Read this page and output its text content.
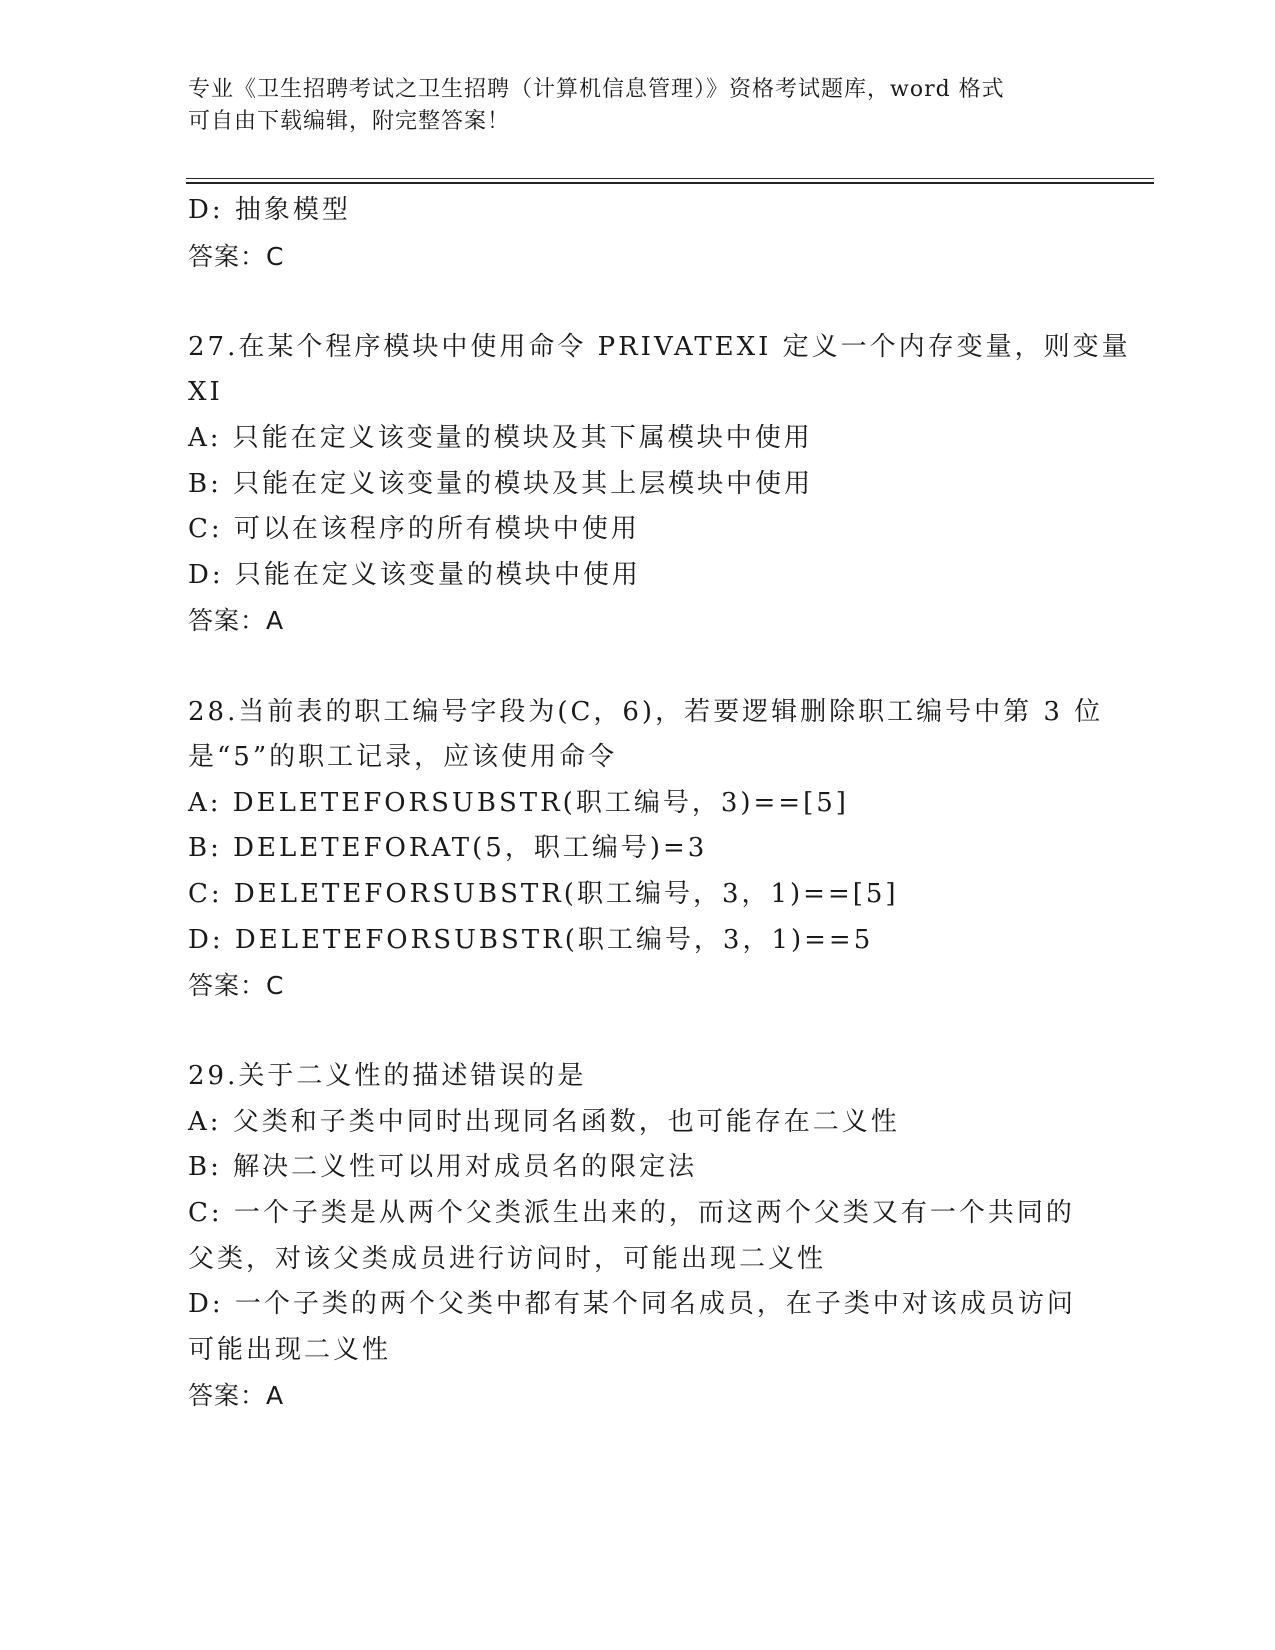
专业《卫生招聘考试之卫生招聘（计算机信息管理）》资格考试题库，word 格式
可自由下载编辑，附完整答案！
D: 抽象模型
答案：C
27.在某个程序模块中使用命令 PRIVATEXI 定义一个内存变量，则变量
XI
A: 只能在定义该变量的模块及其下属模块中使用
B: 只能在定义该变量的模块及其上层模块中使用
C: 可以在该程序的所有模块中使用
D: 只能在定义该变量的模块中使用
答案：A
28.当前表的职工编号字段为(C，6)，若要逻辑删除职工编号中第 3 位
是“5”的职工记录，应该使用命令
A: DELETEFORSUBSTR(职工编号，3)==[5]
B: DELETEFORAT(5，职工编号)=3
C: DELETEFORSUBSTR(职工编号，3，1)==[5]
D: DELETEFORSUBSTR(职工编号，3，1)==5
答案：C
29.关于二义性的描述错误的是
A: 父类和子类中同时出现同名函数，也可能存在二义性
B: 解决二义性可以用对成员名的限定法
C: 一个子类是从两个父类派生出来的，而这两个父类又有一个共同的
父类，对该父类成员进行访问时，可能出现二义性
D: 一个子类的两个父类中都有某个同名成员，在子类中对该成员访问
可能出现二义性
答案：A
